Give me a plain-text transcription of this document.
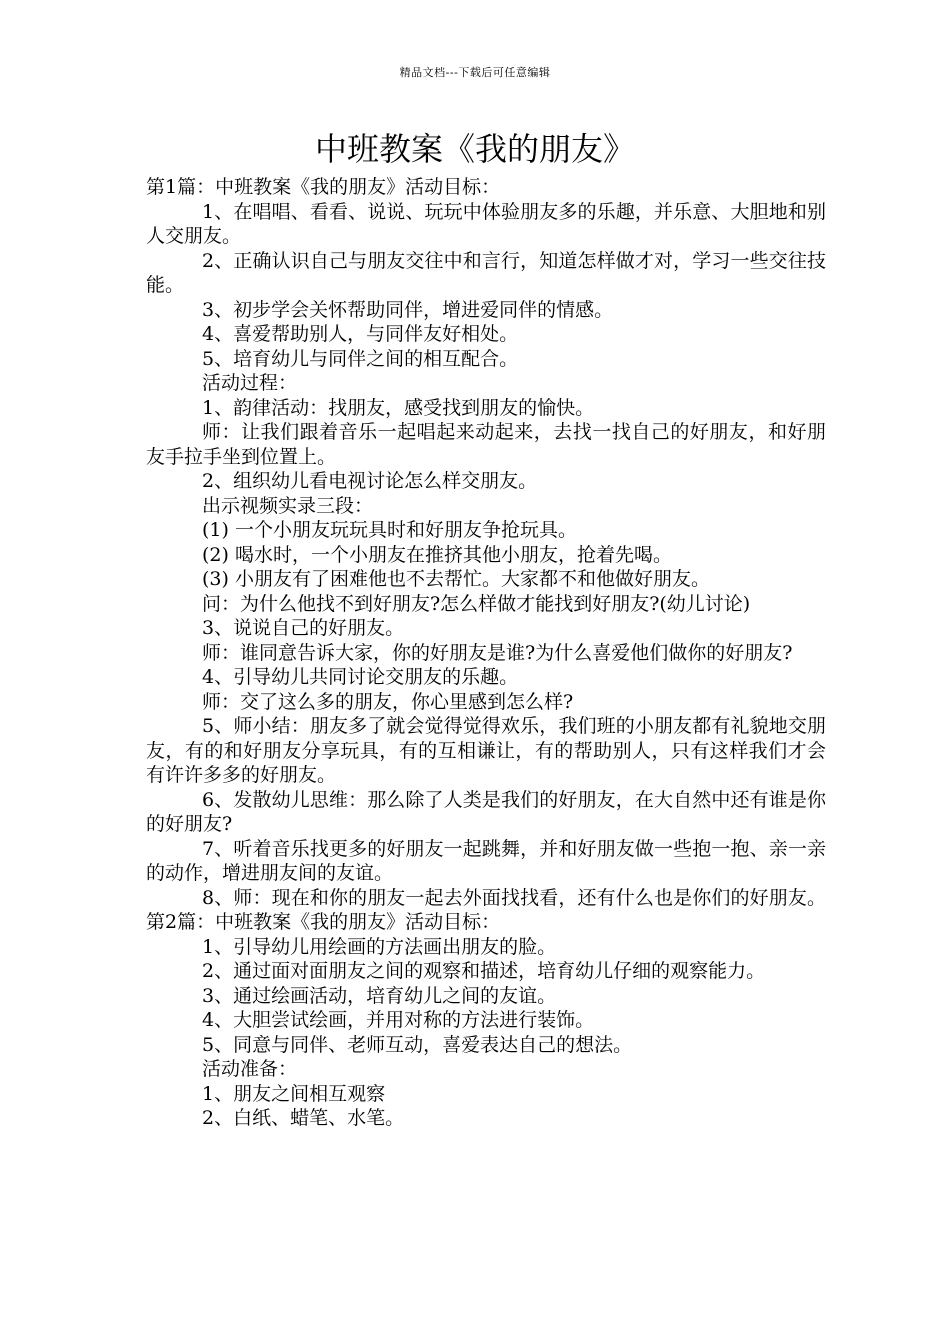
精品文档---下载后可任意编辑
中班教案《我的朋友》

第1篇：中班教案《我的朋友》活动目标：

1、在唱唱、看看、说说、玩玩中体验朋友多的乐趣，并乐意、大胆地和别人交朋友。

2、正确认识自己与朋友交往中和言行，知道怎样做才对，学习一些交往技能。

3、初步学会关怀帮助同伴，增进爱同伴的情感。

4、喜爱帮助别人，与同伴友好相处。

5、培育幼儿与同伴之间的相互配合。

活动过程：

1、韵律活动：找朋友，感受找到朋友的愉快。

师：让我们跟着音乐一起唱起来动起来，去找一找自己的好朋友，和好朋友手拉手坐到位置上。

2、组织幼儿看电视讨论怎么样交朋友。

出示视频实录三段：

(1) 一个小朋友玩玩具时和好朋友争抢玩具。

(2) 喝水时，一个小朋友在推挤其他小朋友，抢着先喝。

(3) 小朋友有了困难他也不去帮忙。大家都不和他做好朋友。

问：为什么他找不到好朋友?怎么样做才能找到好朋友?(幼儿讨论)

3、说说自己的好朋友。

师：谁同意告诉大家，你的好朋友是谁?为什么喜爱他们做你的好朋友?

4、引导幼儿共同讨论交朋友的乐趣。

师：交了这么多的朋友，你心里感到怎么样?

5、师小结：朋友多了就会觉得觉得欢乐，我们班的小朋友都有礼貌地交朋友，有的和好朋友分享玩具，有的互相谦让，有的帮助别人，只有这样我们才会有许许多多的好朋友。

6、发散幼儿思维：那么除了人类是我们的好朋友，在大自然中还有谁是你的好朋友?

7、听着音乐找更多的好朋友一起跳舞，并和好朋友做一些抱一抱、亲一亲的动作，增进朋友间的友谊。

8、师：现在和你的朋友一起去外面找找看，还有什么也是你们的好朋友。第2篇：中班教案《我的朋友》活动目标：

1、引导幼儿用绘画的方法画出朋友的脸。

2、通过面对面朋友之间的观察和描述，培育幼儿仔细的观察能力。

3、通过绘画活动，培育幼儿之间的友谊。

4、大胆尝试绘画，并用对称的方法进行装饰。

5、同意与同伴、老师互动，喜爱表达自己的想法。

活动准备：

1、朋友之间相互观察

2、白纸、蜡笔、水笔。
